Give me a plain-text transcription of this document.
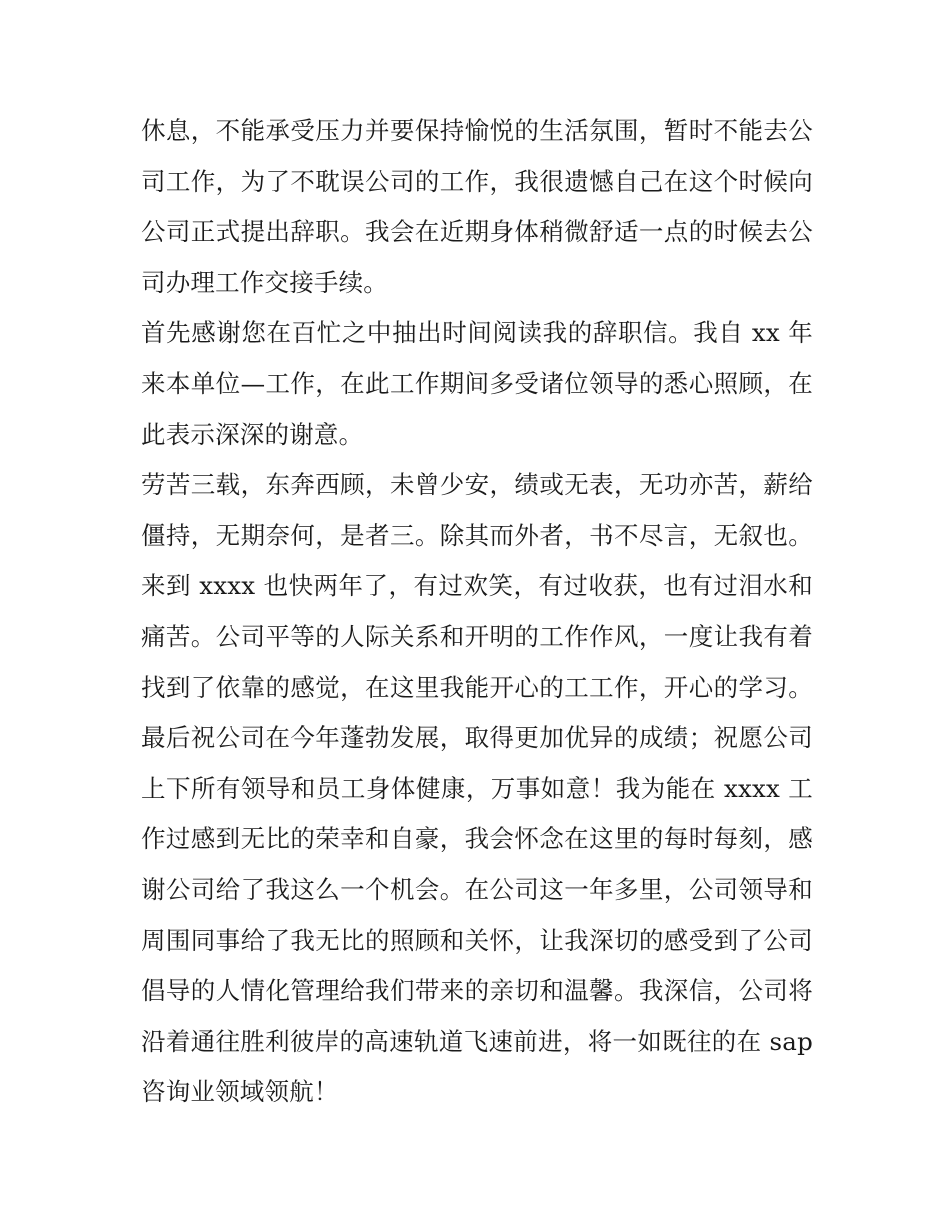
休息，不能承受压力并要保持愉悦的生活氛围，暂时不能去公
司工作，为了不耽误公司的工作，我很遗憾自己在这个时候向
公司正式提出辞职。我会在近期身体稍微舒适一点的时候去公
司办理工作交接手续。
首先感谢您在百忙之中抽出时间阅读我的辞职信。我自 xx 年
来本单位—工作，在此工作期间多受诸位领导的悉心照顾，在
此表示深深的谢意。
劳苦三载，东奔西顾，未曾少安，绩或无表，无功亦苦，薪给
僵持，无期奈何，是者三。除其而外者，书不尽言，无叙也。
来到 xxxx 也快两年了，有过欢笑，有过收获，也有过泪水和
痛苦。公司平等的人际关系和开明的工作作风，一度让我有着
找到了依靠的感觉，在这里我能开心的工工作，开心的学习。
最后祝公司在今年蓬勃发展，取得更加优异的成绩；祝愿公司
上下所有领导和员工身体健康，万事如意！我为能在 xxxx 工
作过感到无比的荣幸和自豪，我会怀念在这里的每时每刻，感
谢公司给了我这么一个机会。在公司这一年多里，公司领导和
周围同事给了我无比的照顾和关怀，让我深切的感受到了公司
倡导的人情化管理给我们带来的亲切和温馨。我深信，公司将
沿着通往胜利彼岸的高速轨道飞速前进，将一如既往的在 sap
咨询业领域领航！
